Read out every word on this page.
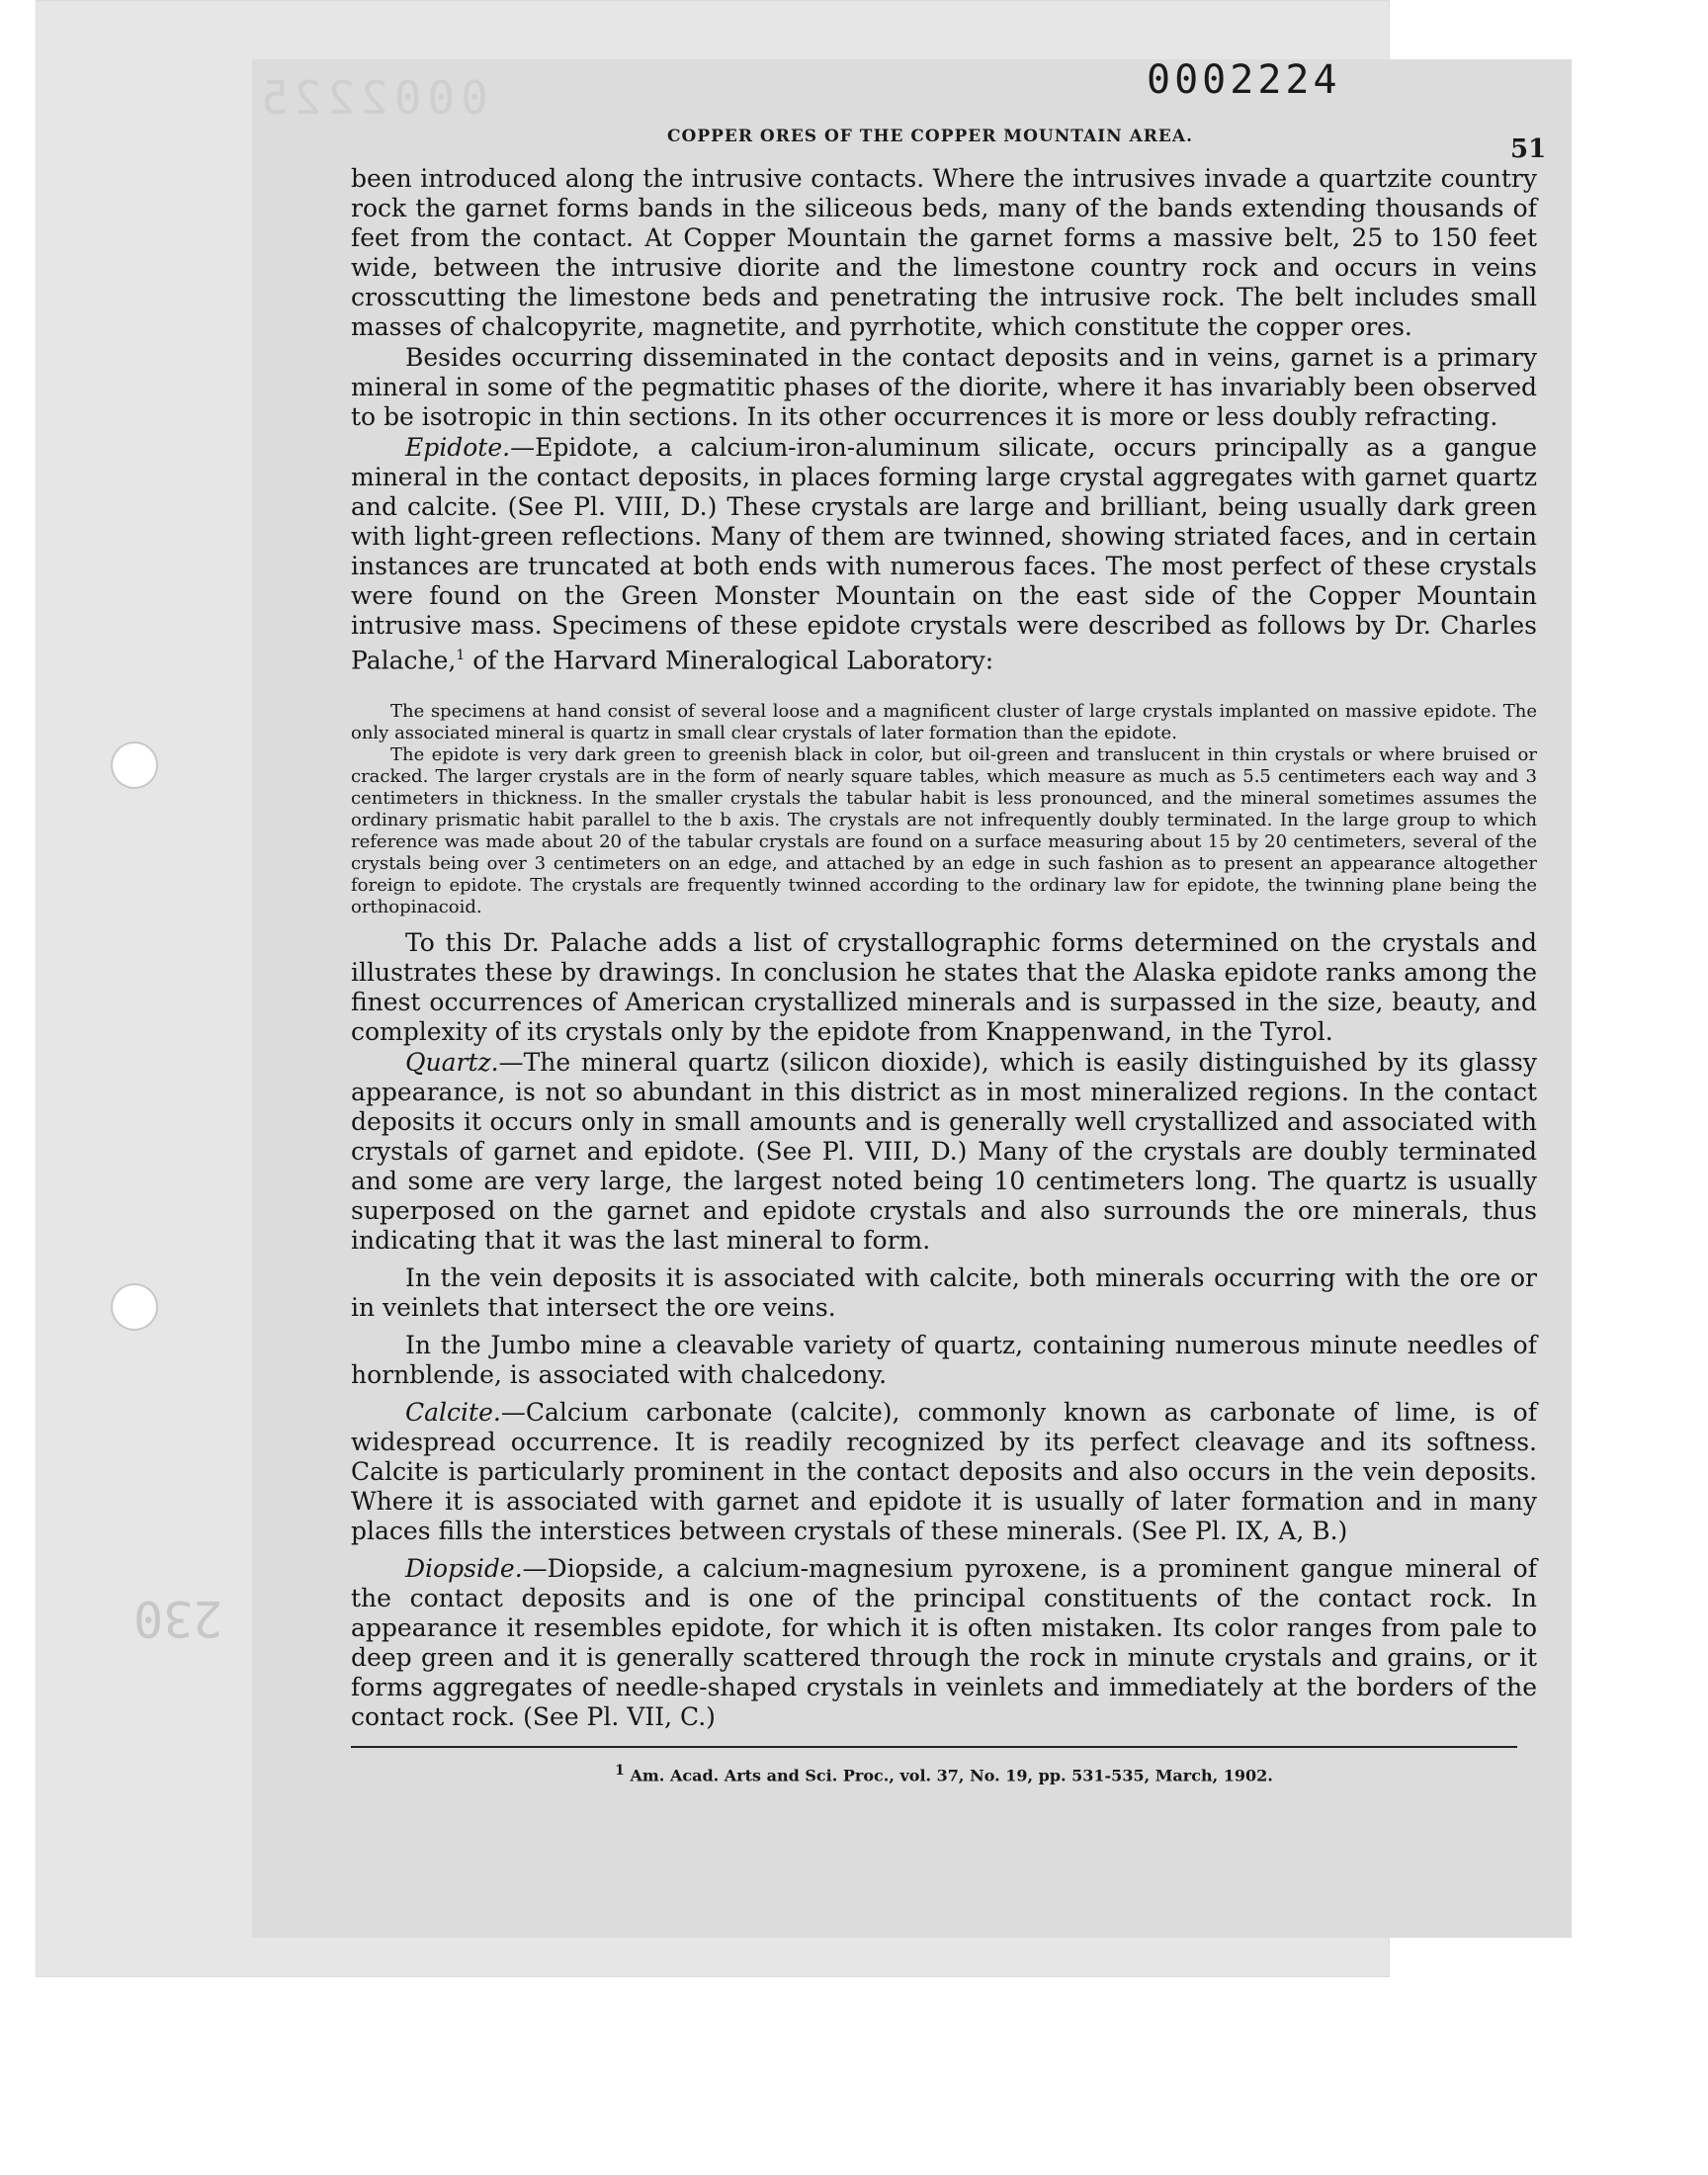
0002225	0002224
230
COPPER ORES OF THE COPPER MOUNTAIN AREA.	51

been introduced along the intrusive contacts. Where the intrusives invade a quartzite country rock the garnet forms bands in the siliceous beds, many of the bands extending thousands of feet from the contact. At Copper Mountain the garnet forms a massive belt, 25 to 150 feet wide, between the intrusive diorite and the limestone country rock and occurs in veins crosscutting the limestone beds and penetrating the intrusive rock. The belt includes small masses of chalcopyrite, magnetite, and pyrrhotite, which constitute the copper ores.

Besides occurring disseminated in the contact deposits and in veins, garnet is a primary mineral in some of the pegmatitic phases of the diorite, where it has invariably been observed to be isotropic in thin sections. In its other occurrences it is more or less doubly refracting.

Epidote.—Epidote, a calcium-iron-aluminum silicate, occurs principally as a gangue mineral in the contact deposits, in places forming large crystal aggregates with garnet quartz and calcite. (See Pl. VIII, D.) These crystals are large and brilliant, being usually dark green with light-green reflections. Many of them are twinned, showing striated faces, and in certain instances are truncated at both ends with numerous faces. The most perfect of these crystals were found on the Green Monster Mountain on the east side of the Copper Mountain intrusive mass. Specimens of these epidote crystals were described as follows by Dr. Charles Palache,$^1$ of the Harvard Mineralogical Laboratory:

The specimens at hand consist of several loose and a magnificent cluster of large crystals implanted on massive epidote. The only associated mineral is quartz in small clear crystals of later formation than the epidote.

The epidote is very dark green to greenish black in color, but oil-green and translucent in thin crystals or where bruised or cracked. The larger crystals are in the form of nearly square tables, which measure as much as 5.5 centimeters each way and 3 centimeters in thickness. In the smaller crystals the tabular habit is less pronounced, and the mineral sometimes assumes the ordinary prismatic habit parallel to the b axis. The crystals are not infrequently doubly terminated. In the large group to which reference was made about 20 of the tabular crystals are found on a surface measuring about 15 by 20 centimeters, several of the crystals being over 3 centimeters on an edge, and attached by an edge in such fashion as to present an appearance altogether foreign to epidote. The crystals are frequently twinned according to the ordinary law for epidote, the twinning plane being the orthopinacoid.

To this Dr. Palache adds a list of crystallographic forms determined on the crystals and illustrates these by drawings. In conclusion he states that the Alaska epidote ranks among the finest occurrences of American crystallized minerals and is surpassed in the size, beauty, and complexity of its crystals only by the epidote from Knappenwand, in the Tyrol.

Quartz.—The mineral quartz (silicon dioxide), which is easily distinguished by its glassy appearance, is not so abundant in this district as in most mineralized regions. In the contact deposits it occurs only in small amounts and is generally well crystallized and associated with crystals of garnet and epidote. (See Pl. VIII, D.) Many of the crystals are doubly terminated and some are very large, the largest noted being 10 centimeters long. The quartz is usually superposed on the garnet and epidote crystals and also surrounds the ore minerals, thus indicating that it was the last mineral to form.

In the vein deposits it is associated with calcite, both minerals occurring with the ore or in veinlets that intersect the ore veins.

In the Jumbo mine a cleavable variety of quartz, containing numerous minute needles of hornblende, is associated with chalcedony.

Calcite.—Calcium carbonate (calcite), commonly known as carbonate of lime, is of widespread occurrence. It is readily recognized by its perfect cleavage and its softness. Calcite is particularly prominent in the contact deposits and also occurs in the vein deposits. Where it is associated with garnet and epidote it is usually of later formation and in many places fills the interstices between crystals of these minerals. (See Pl. IX, A, B.)

Diopside.—Diopside, a calcium-magnesium pyroxene, is a prominent gangue mineral of the contact deposits and is one of the principal constituents of the contact rock. In appearance it resembles epidote, for which it is often mistaken. Its color ranges from pale to deep green and it is generally scattered through the rock in minute crystals and grains, or it forms aggregates of needle-shaped crystals in veinlets and immediately at the borders of the contact rock. (See Pl. VII, C.)

$^1$ Am. Acad. Arts and Sci. Proc., vol. 37, No. 19, pp. 531-535, March, 1902.
